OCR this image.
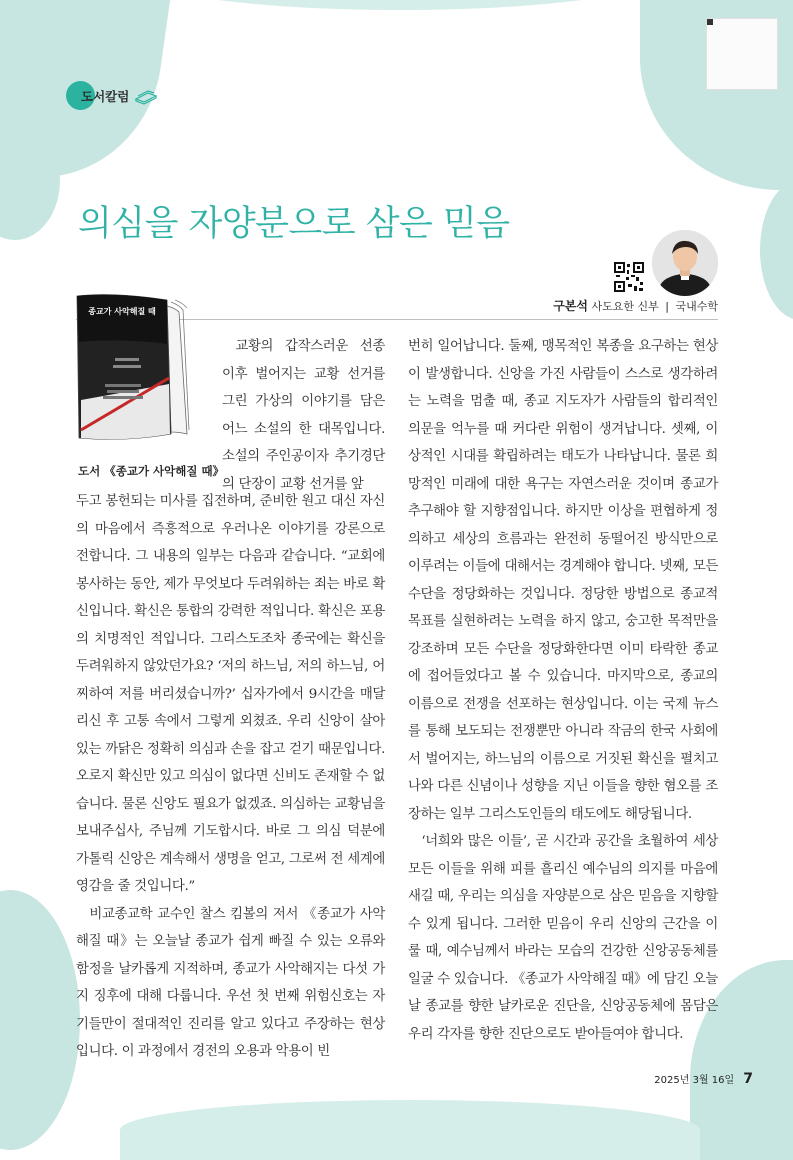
도서칼럼
의심을 자양분으로 삼은 믿음
구본석 사도요한 신부 | 국내수학
종교가 사악해질 때
도서 《종교가 사악해질 때》

교황의 갑작스러운 선종 이후 벌어지는 교황 선거를 그린 가상의 이야기를 담은 어느 소설의 한 대목입니다. 소설의 주인공이자 추기경단의 단장이 교황 선거를 앞

두고 봉헌되는 미사를 집전하며, 준비한 원고 대신 자신의 마음에서 즉흥적으로 우러나온 이야기를 강론으로 전합니다. 그 내용의 일부는 다음과 같습니다. “교회에 봉사하는 동안, 제가 무엇보다 두려워하는 죄는 바로 확신입니다. 확신은 통합의 강력한 적입니다. 확신은 포용의 치명적인 적입니다. 그리스도조차 종국에는 확신을 두려워하지 않았던가요? ‘저의 하느님, 저의 하느님, 어찌하여 저를 버리셨습니까?’ 십자가에서 9시간을 매달리신 후 고통 속에서 그렇게 외쳤죠. 우리 신앙이 살아 있는 까닭은 정확히 의심과 손을 잡고 걷기 때문입니다. 오로지 확신만 있고 의심이 없다면 신비도 존재할 수 없습니다. 물론 신앙도 필요가 없겠죠. 의심하는 교황님을 보내주십사, 주님께 기도합시다. 바로 그 의심 덕분에 가톨릭 신앙은 계속해서 생명을 얻고, 그로써 전 세계에 영감을 줄 것입니다.”

비교종교학 교수인 찰스 킴볼의 저서 《종교가 사악해질 때》는 오늘날 종교가 쉽게 빠질 수 있는 오류와 함정을 날카롭게 지적하며, 종교가 사악해지는 다섯 가지 징후에 대해 다룹니다. 우선 첫 번째 위험신호는 자기들만이 절대적인 진리를 알고 있다고 주장하는 현상입니다. 이 과정에서 경전의 오용과 악용이 빈

번히 일어납니다. 둘째, 맹목적인 복종을 요구하는 현상이 발생합니다. 신앙을 가진 사람들이 스스로 생각하려는 노력을 멈출 때, 종교 지도자가 사람들의 합리적인 의문을 억누를 때 커다란 위험이 생겨납니다. 셋째, 이상적인 시대를 확립하려는 태도가 나타납니다. 물론 희망적인 미래에 대한 욕구는 자연스러운 것이며 종교가 추구해야 할 지향점입니다. 하지만 이상을 편협하게 정의하고 세상의 흐름과는 완전히 동떨어진 방식만으로 이루려는 이들에 대해서는 경계해야 합니다. 넷째, 모든 수단을 정당화하는 것입니다. 정당한 방법으로 종교적 목표를 실현하려는 노력을 하지 않고, 숭고한 목적만을 강조하며 모든 수단을 정당화한다면 이미 타락한 종교에 접어들었다고 볼 수 있습니다. 마지막으로, 종교의 이름으로 전쟁을 선포하는 현상입니다. 이는 국제 뉴스를 통해 보도되는 전쟁뿐만 아니라 작금의 한국 사회에서 벌어지는, 하느님의 이름으로 거짓된 확신을 펼치고 나와 다른 신념이나 성향을 지닌 이들을 향한 혐오를 조장하는 일부 그리스도인들의 태도에도 해당됩니다.

‘너희와 많은 이들’, 곧 시간과 공간을 초월하여 세상 모든 이들을 위해 피를 흘리신 예수님의 의지를 마음에 새길 때, 우리는 의심을 자양분으로 삼은 믿음을 지향할 수 있게 됩니다. 그러한 믿음이 우리 신앙의 근간을 이룰 때, 예수님께서 바라는 모습의 건강한 신앙공동체를 일굴 수 있습니다. 《종교가 사악해질 때》에 담긴 오늘날 종교를 향한 날카로운 진단을, 신앙공동체에 몸담은 우리 각자를 향한 진단으로도 받아들여야 합니다.

2025년 3월 16일 7
